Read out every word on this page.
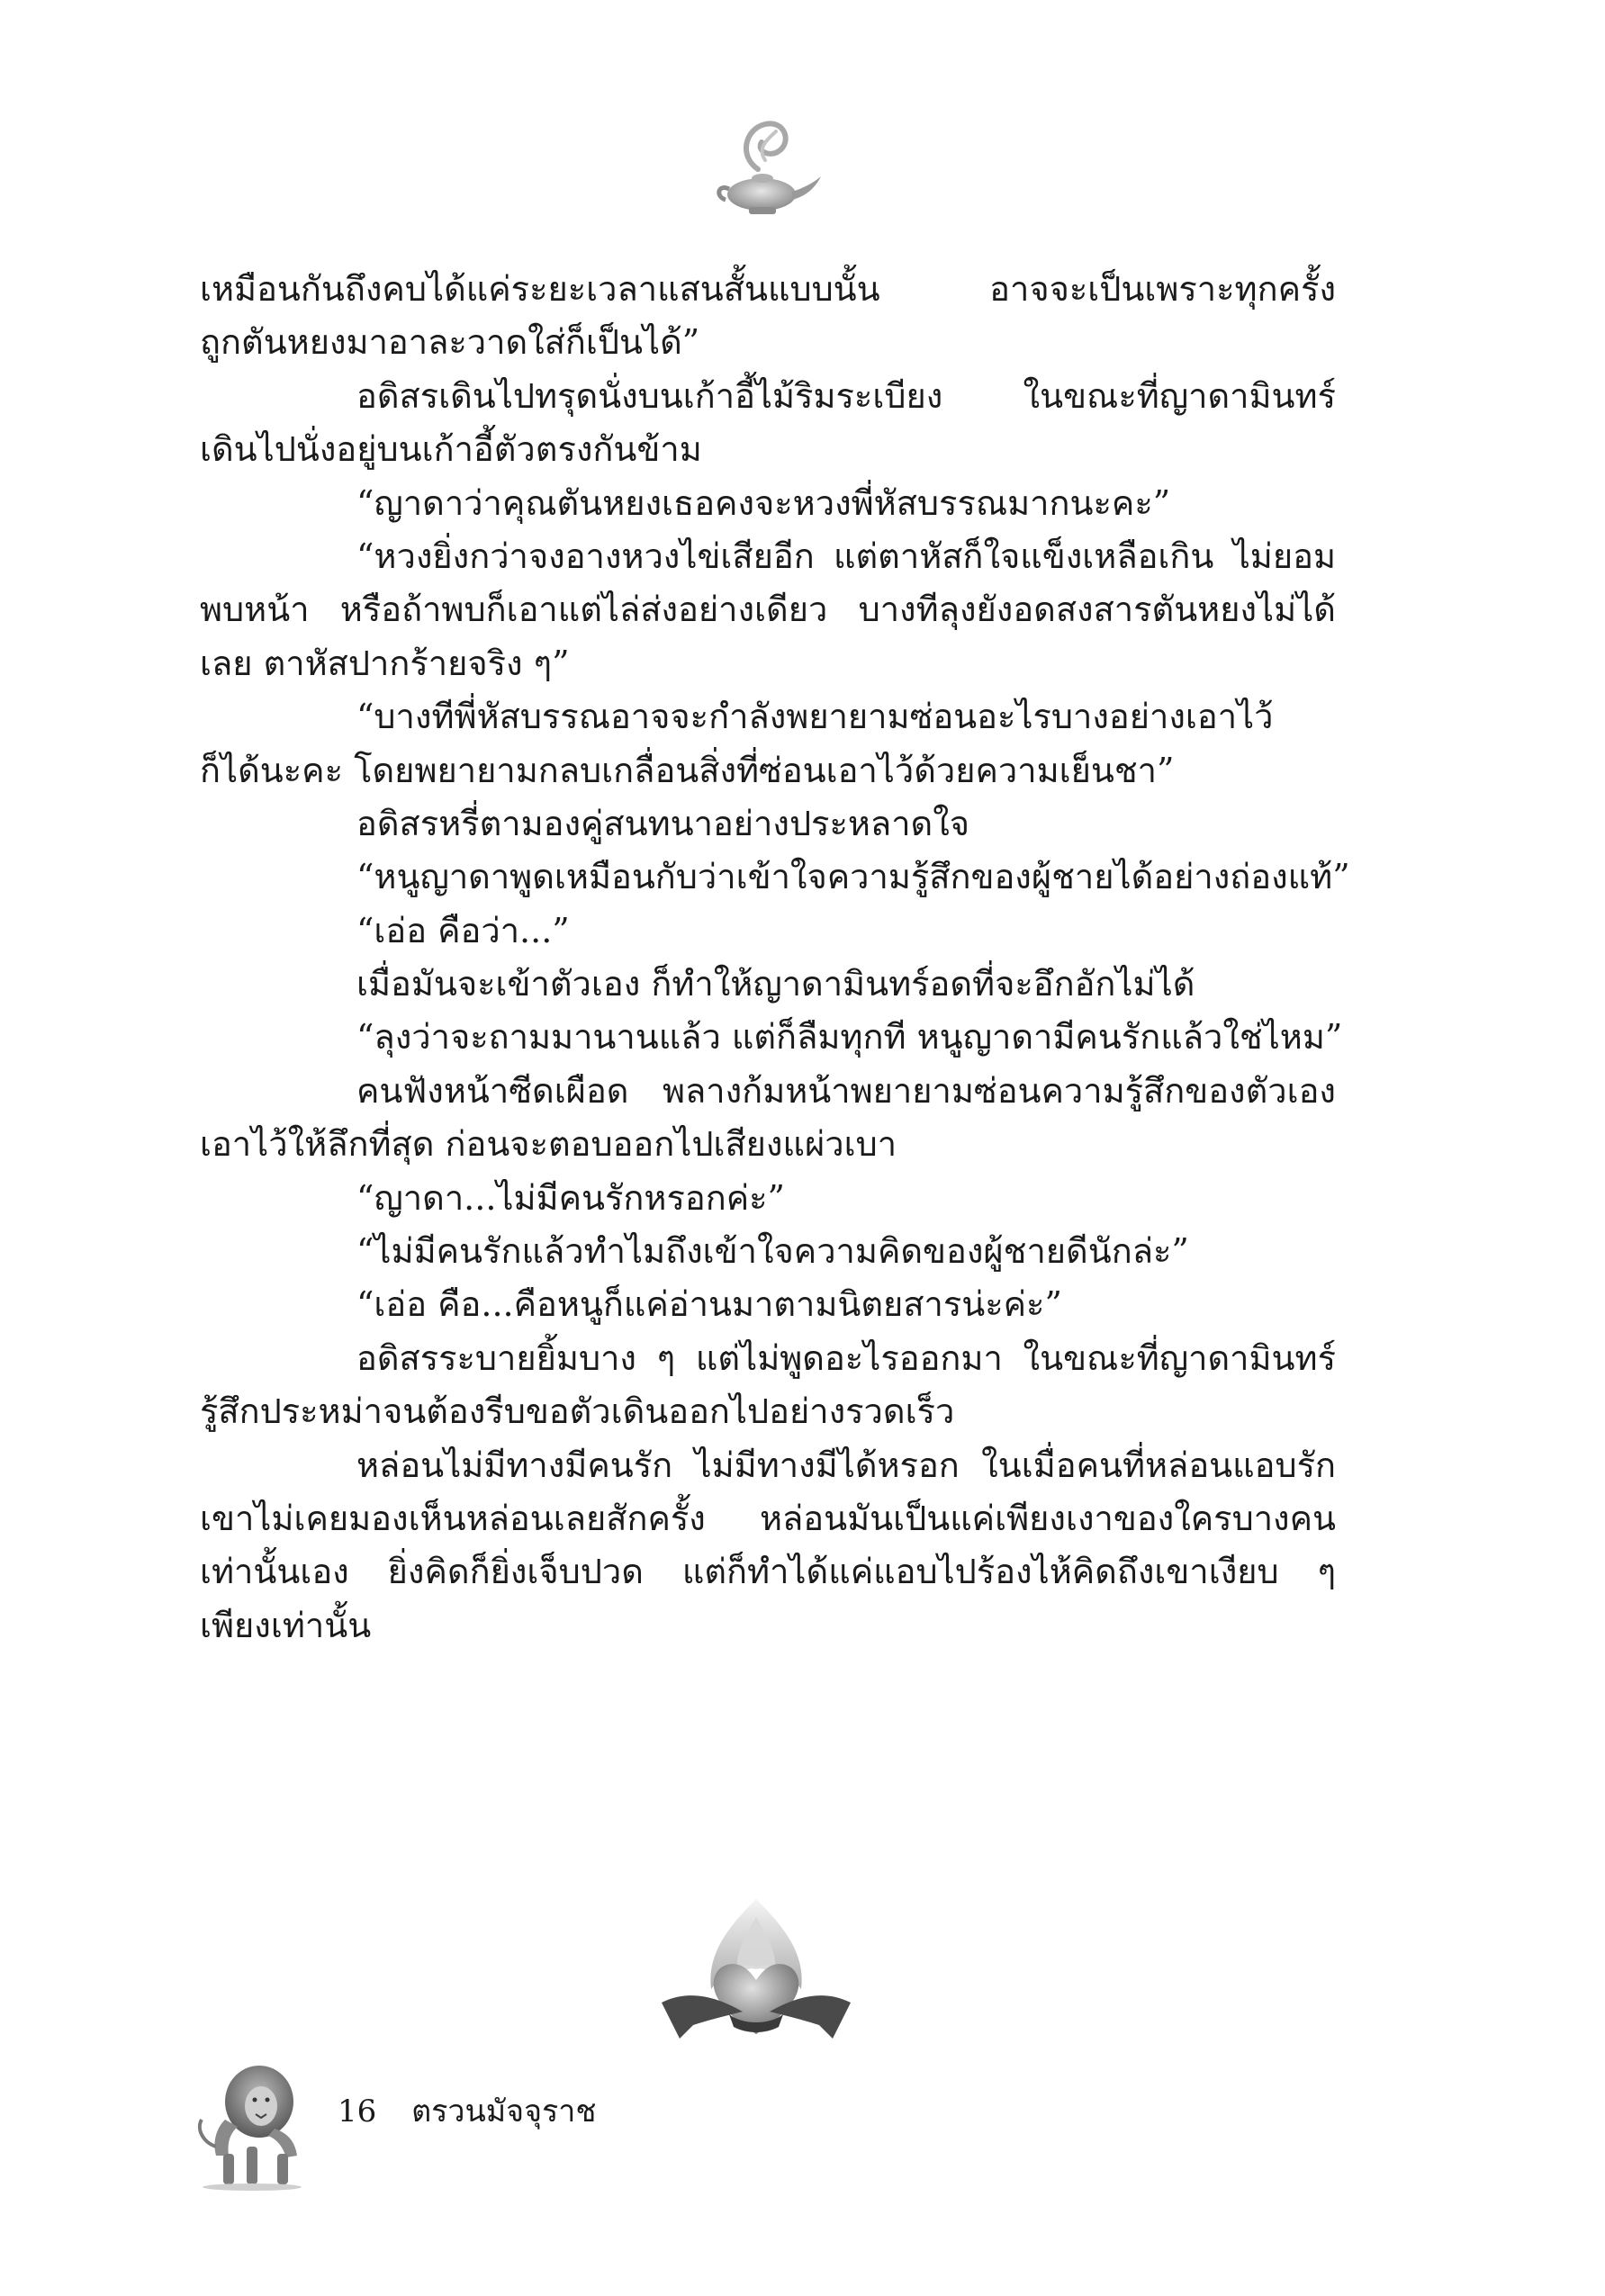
เหมือนกันถึงคบได้แค่ระยะเวลาแสนสั้นแบบนั้น อาจจะเป็นเพราะทุกครั้ง
ถูกตันหยงมาอาละวาดใส่ก็เป็นได้”
อดิสรเดินไปทรุดนั่งบนเก้าอี้ไม้ริมระเบียง ในขณะที่ญาดามินทร์
เดินไปนั่งอยู่บนเก้าอี้ตัวตรงกันข้าม
“ญาดาว่าคุณตันหยงเธอคงจะหวงพี่หัสบรรณมากนะคะ”
“หวงยิ่งกว่าจงอางหวงไข่เสียอีก แต่ตาหัสก็ใจแข็งเหลือเกิน ไม่ยอม
พบหน้า หรือถ้าพบก็เอาแต่ไล่ส่งอย่างเดียว บางทีลุงยังอดสงสารตันหยงไม่ได้
เลย ตาหัสปากร้ายจริง ๆ”
“บางทีพี่หัสบรรณอาจจะกำลังพยายามซ่อนอะไรบางอย่างเอาไว้
ก็ได้นะคะ โดยพยายามกลบเกลื่อนสิ่งที่ซ่อนเอาไว้ด้วยความเย็นชา”
อดิสรหรี่ตามองคู่สนทนาอย่างประหลาดใจ
“หนูญาดาพูดเหมือนกับว่าเข้าใจความรู้สึกของผู้ชายได้อย่างถ่องแท้”
“เอ่อ คือว่า...”
เมื่อมันจะเข้าตัวเอง ก็ทำให้ญาดามินทร์อดที่จะอึกอักไม่ได้
“ลุงว่าจะถามมานานแล้ว แต่ก็ลืมทุกที หนูญาดามีคนรักแล้วใช่ไหม”
คนฟังหน้าซีดเผือด พลางก้มหน้าพยายามซ่อนความรู้สึกของตัวเอง
เอาไว้ให้ลึกที่สุด ก่อนจะตอบออกไปเสียงแผ่วเบา
“ญาดา...ไม่มีคนรักหรอกค่ะ”
“ไม่มีคนรักแล้วทำไมถึงเข้าใจความคิดของผู้ชายดีนักล่ะ”
“เอ่อ คือ...คือหนูก็แค่อ่านมาตามนิตยสารน่ะค่ะ”
อดิสรระบายยิ้มบาง ๆ แต่ไม่พูดอะไรออกมา ในขณะที่ญาดามินทร์
รู้สึกประหม่าจนต้องรีบขอตัวเดินออกไปอย่างรวดเร็ว
หล่อนไม่มีทางมีคนรัก ไม่มีทางมีได้หรอก ในเมื่อคนที่หล่อนแอบรัก
เขาไม่เคยมองเห็นหล่อนเลยสักครั้ง หล่อนมันเป็นแค่เพียงเงาของใครบางคน
เท่านั้นเอง ยิ่งคิดก็ยิ่งเจ็บปวด แต่ก็ทำได้แค่แอบไปร้องไห้คิดถึงเขาเงียบ ๆ
เพียงเท่านั้น
16 ตรวนมัจจุราช
